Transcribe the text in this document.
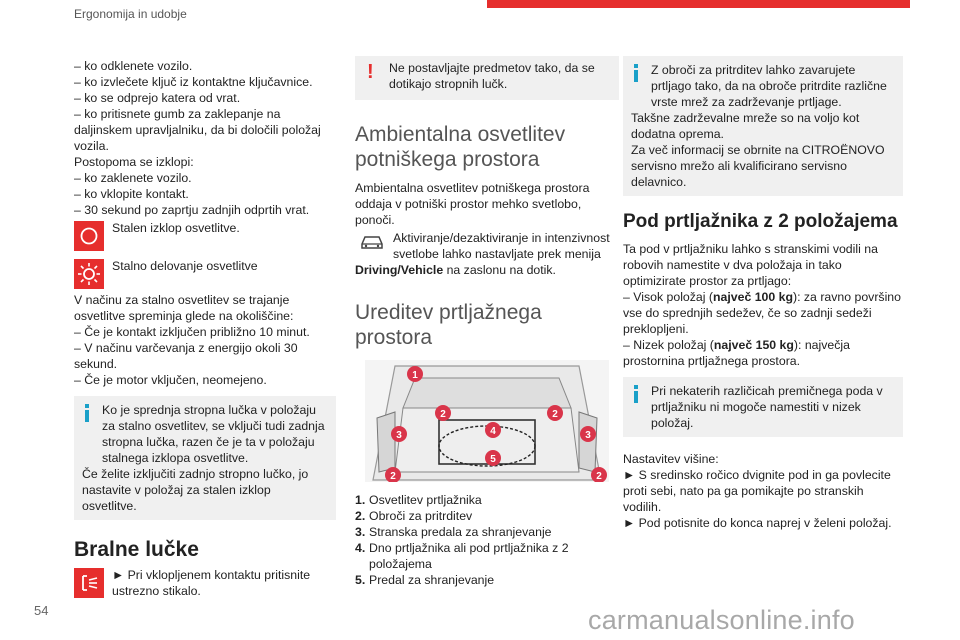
Ergonomija in udobje

– ko odklenete vozilo.

– ko izvlečete ključ iz kontaktne ključavnice.

– ko se odprejo katera od vrat.

– ko pritisnete gumb za zaklepanje na daljinskem upravljalniku, da bi določili položaj vozila.

Postopoma se izklopi:

– ko zaklenete vozilo.

– ko vklopite kontakt.

– 30 sekund po zaprtju zadnjih odprtih vrat.

Stalen izklop osvetlitve.

Stalno delovanje osvetlitve

V načinu za stalno osvetlitev se trajanje osvetlitve spreminja glede na okoliščine:

– Če je kontakt izključen približno 10 minut.

– V načinu varčevanja z energijo okoli 30 sekund.

– Če je motor vključen, neomejeno.

Ko je sprednja stropna lučka v položaju za stalno osvetlitev, se vključi tudi zadnja stropna lučka, razen če je ta v položaju stalnega izklopa osvetlitve.

Če želite izključiti zadnjo stropno lučko, jo nastavite v položaj za stalen izklop osvetlitve.

Bralne lučke

► Pri vklopljenem kontaktu pritisnite ustrezno stikalo.

! Ne postavljajte predmetov tako, da se dotikajo stropnih lučk.

Ambientalna osvetlitev potniškega prostora

Ambientalna osvetlitev potniškega prostora oddaja v potniški prostor mehko svetlobo, ponoči.

Aktiviranje/dezaktiviranje in intenzivnost svetlobe lahko nastavljate prek menija

Driving/Vehicle na zaslonu na dotik.

Ureditev prtljažnega prostora

1
2	2
3	3
4
5
2	2
1. Osvetlitev prtljažnika
2. Obroči za pritrditev
3. Stranska predala za shranjevanje
4. Dno prtljažnika ali pod prtljažnika z 2 položajema
5. Predal za shranjevanje

Z obroči za pritrditev lahko zavarujete prtljago tako, da na obroče pritrdite različne vrste mrež za zadrževanje prtljage.

Takšne zadrževalne mreže so na voljo kot dodatna oprema.

Za več informacij se obrnite na CITROËNOVO servisno mrežo ali kvalificirano servisno delavnico.

Pod prtljažnika z 2 položajema

Ta pod v prtljažniku lahko s stranskimi vodili na robovih namestite v dva položaja in tako optimizirate prostor za prtljago:

– Visok položaj (največ 100 kg): za ravno površino vse do sprednjih sedežev, če so zadnji sedeži preklopljeni.

– Nizek položaj (največ 150 kg): največja prostornina prtljažnega prostora.

Pri nekaterih različicah premičnega poda v prtljažniku ni mogoče namestiti v nizek položaj.

Nastavitev višine:

► S sredinsko ročico dvignite pod in ga povlecite proti sebi, nato pa ga pomikajte po stranskih vodilih.

► Pod potisnite do konca naprej v želeni položaj.

54	carmanualsonline.info
